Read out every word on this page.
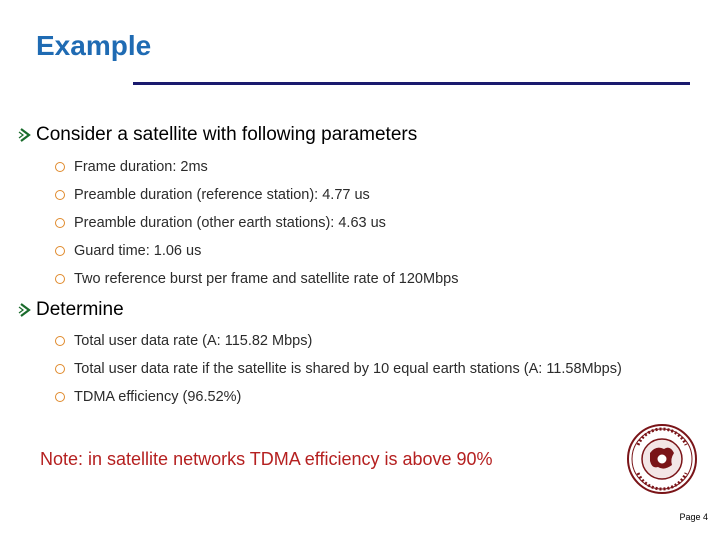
Example
Consider a satellite with following parameters
Frame duration: 2ms
Preamble duration (reference station): 4.77 us
Preamble duration (other earth stations): 4.63 us
Guard time: 1.06 us
Two reference burst per frame and satellite rate of 120Mbps
Determine
Total user data rate (A: 115.82 Mbps)
Total user data rate if the satellite is shared by 10 equal earth stations (A: 11.58Mbps)
TDMA efficiency (96.52%)
Note: in satellite networks TDMA efficiency is above 90%
Page 4
